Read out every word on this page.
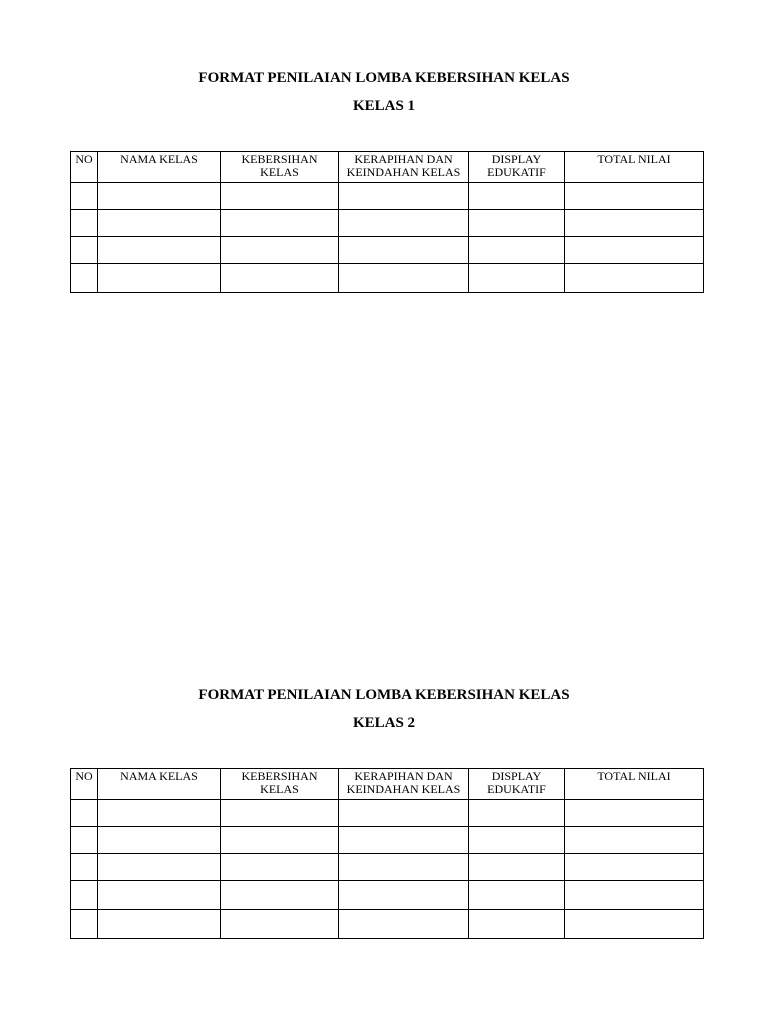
FORMAT PENILAIAN LOMBA KEBERSIHAN KELAS
KELAS 1
NO	NAMA KELAS	KEBERSIHAN KELAS	KERAPIHAN DAN KEINDAHAN KELAS	DISPLAY EDUKATIF	TOTAL NILAI

FORMAT PENILAIAN LOMBA KEBERSIHAN KELAS
KELAS 2
NO	NAMA KELAS	KEBERSIHAN KELAS	KERAPIHAN DAN KEINDAHAN KELAS	DISPLAY EDUKATIF	TOTAL NILAI
